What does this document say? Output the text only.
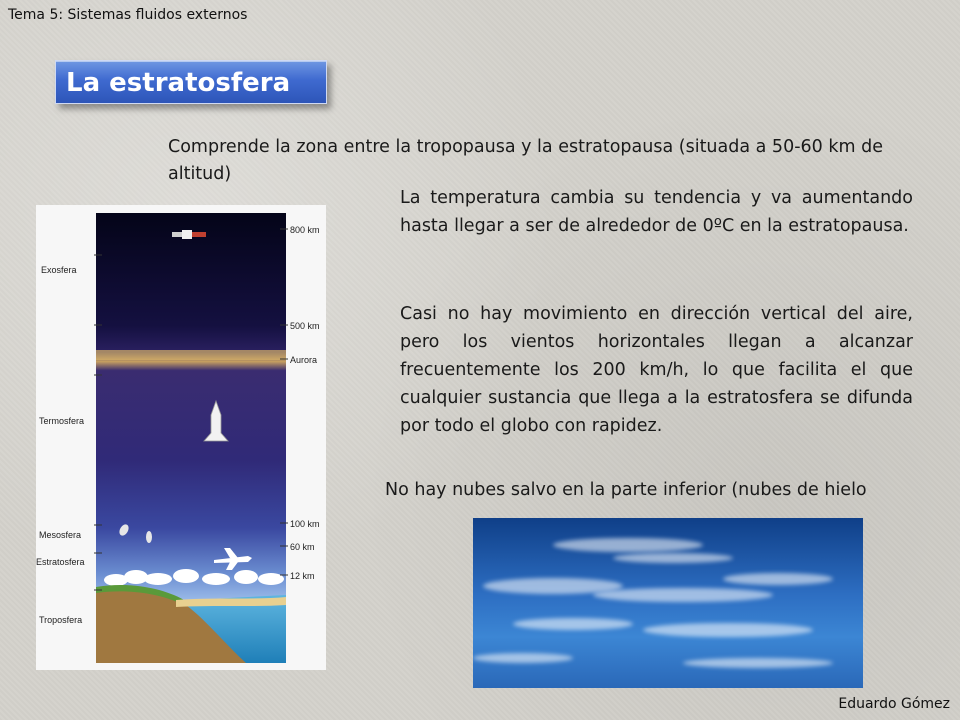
Tema 5: Sistemas fluidos externos
La estratosfera
Comprende la zona entre la tropopausa y la estratopausa (situada a 50-60 km de altitud)
La temperatura cambia su tendencia y va aumentando hasta llegar a ser de alrededor de 0ºC en la estratopausa.
Casi no hay movimiento en dirección vertical del aire, pero los vientos horizontales llegan a alcanzar frecuentemente los 200 km/h, lo que facilita el que cualquier sustancia que llega a la estratosfera se difunda por todo el globo con rapidez.
No hay nubes salvo en la parte inferior (nubes de hielo
Exosfera
Termosfera
Mesosfera
Estratosfera
Troposfera
800 km
500 km
Aurora
100 km
60 km
12 km
Eduardo Gómez
